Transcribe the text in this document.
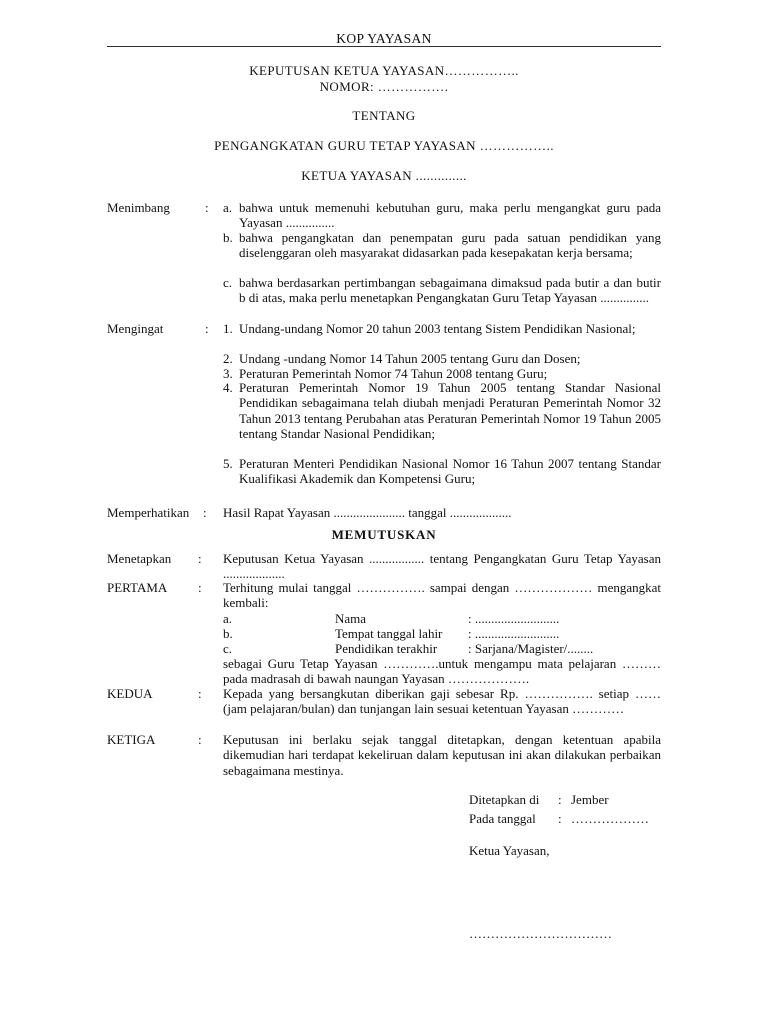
KOP YAYASAN
KEPUTUSAN KETUA YAYASAN……………..
NOMOR: …………….
TENTANG
PENGANGKATAN GURU TETAP YAYASAN ……………..
KETUA YAYASAN ..............
Menimbang	: a. bahwa untuk memenuhi kebutuhan guru, maka perlu mengangkat guru pada Yayasan ...............
b. bahwa pengangkatan dan penempatan guru pada satuan pendidikan yang diselenggaran oleh masyarakat didasarkan pada kesepakatan kerja bersama;
c. bahwa berdasarkan pertimbangan sebagaimana dimaksud pada butir a dan butir b di atas, maka perlu menetapkan Pengangkatan Guru Tetap Yayasan ...............
Mengingat	: 1. Undang-undang Nomor 20 tahun 2003 tentang Sistem Pendidikan Nasional;
2. Undang -undang Nomor 14 Tahun 2005 tentang Guru dan Dosen;
3. Peraturan Pemerintah Nomor 74 Tahun 2008 tentang Guru;
4. Peraturan Pemerintah Nomor 19 Tahun 2005 tentang Standar Nasional Pendidikan sebagaimana telah diubah menjadi Peraturan Pemerintah Nomor 32 Tahun 2013 tentang Perubahan atas Peraturan Pemerintah Nomor 19 Tahun 2005 tentang Standar Nasional Pendidikan;
5. Peraturan Menteri Pendidikan Nasional Nomor 16 Tahun 2007 tentang Standar Kualifikasi Akademik dan Kompetensi Guru;
Memperhatikan : Hasil Rapat Yayasan ...................... tanggal ...................
MEMUTUSKAN
Menetapkan : Keputusan Ketua Yayasan ................. tentang Pengangkatan Guru Tetap Yayasan ...................
PERTAMA : Terhitung mulai tanggal ……………. sampai dengan ……………… mengangkat kembali:
a.	Nama	: ..........................
b.	Tempat tanggal lahir : ..........................
c.	Pendidikan terakhir : Sarjana/Magister/........
sebagai Guru Tetap Yayasan ………….untuk mengampu mata pelajaran ……… pada madrasah di bawah naungan Yayasan ……………….
KEDUA	: Kepada yang bersangkutan diberikan gaji sebesar Rp. ……………. setiap …… (jam pelajaran/bulan) dan tunjangan lain sesuai ketentuan Yayasan …………
KETIGA	: Keputusan ini berlaku sejak tanggal ditetapkan, dengan ketentuan apabila dikemudian hari terdapat kekeliruan dalam keputusan ini akan dilakukan perbaikan sebagaimana mestinya.
Ditetapkan di : Jember
Pada tanggal : ………………
Ketua Yayasan,
……………………………
